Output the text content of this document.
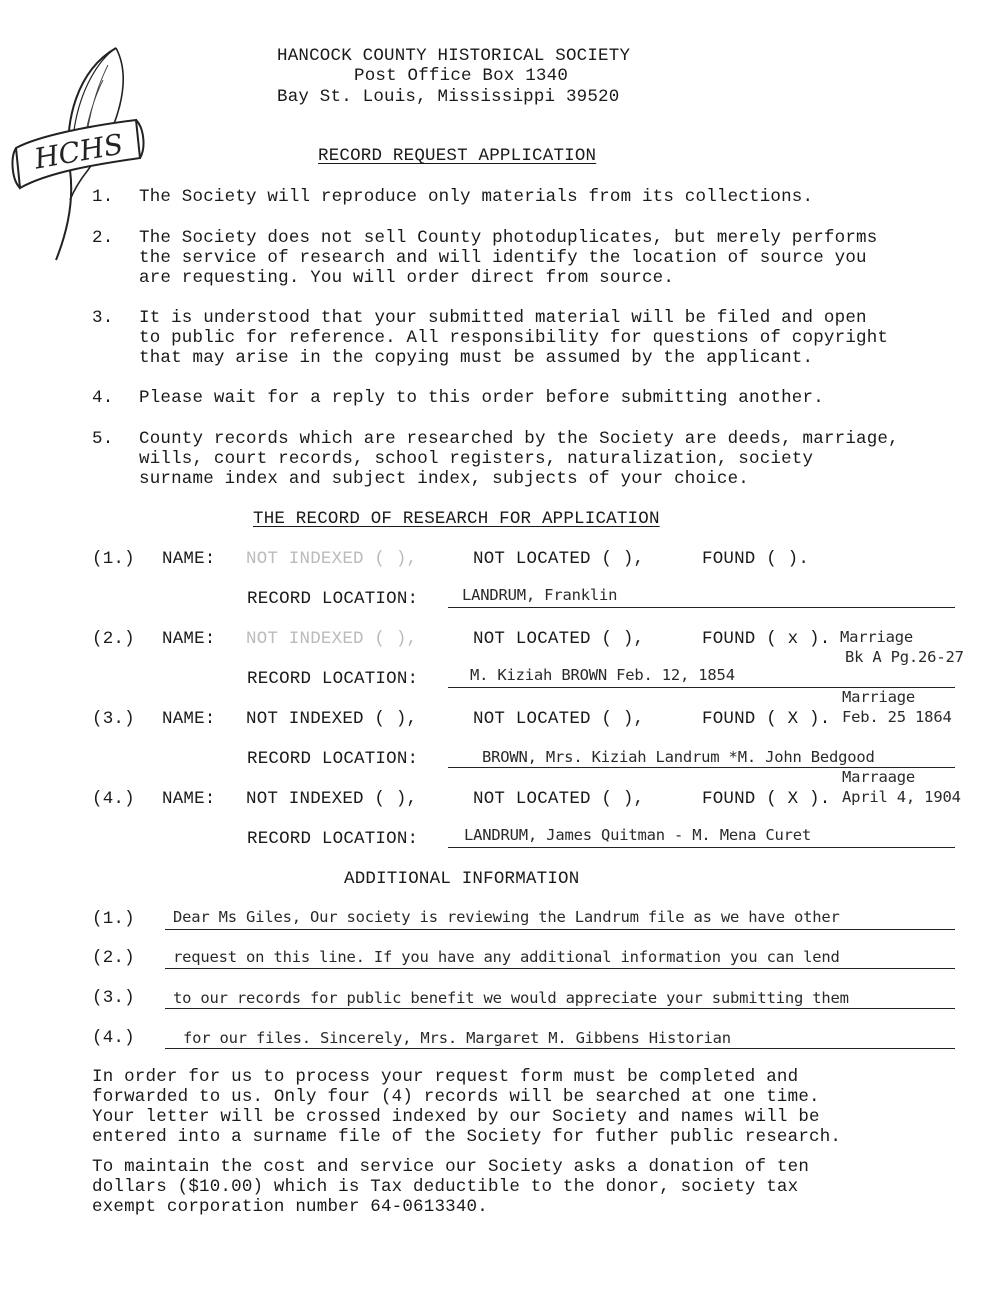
HCHS
HANCOCK COUNTY HISTORICAL SOCIETY
Post Office Box 1340
Bay St. Louis, Mississippi 39520
RECORD REQUEST APPLICATION
1. The Society will reproduce only materials from its collections.
2. The Society does not sell County photoduplicates, but merely performs
the service of research and will identify the location of source you
are requesting. You will order direct from source.
3. It is understood that your submitted material will be filed and open
to public for reference. All responsibility for questions of copyright
that may arise in the copying must be assumed by the applicant.
4. Please wait for a reply to this order before submitting another.
5. County records which are researched by the Society are deeds, marriage,
wills, court records, school registers, naturalization, society
surname index and subject index, subjects of your choice.
THE RECORD OF RESEARCH FOR APPLICATION
(1.) NAME: NOT INDEXED ( ),	NOT LOCATED ( ),	FOUND ( ).
RECORD LOCATION:	LANDRUM, Franklin
(2.) NAME: NOT INDEXED ( ),	NOT LOCATED ( ),	FOUND ( x ). Marriage
Bk A Pg.26-27
RECORD LOCATION:	M. Kiziah BROWN Feb. 12, 1854
(3.) NAME: NOT INDEXED ( ),	NOT LOCATED ( ),	FOUND ( X ).
Marriage
Feb. 25 1864
RECORD LOCATION:	BROWN, Mrs. Kiziah Landrum *M. John Bedgood
(4.) NAME: NOT INDEXED ( ),	NOT LOCATED ( ),	FOUND ( X ).
Marraage
April 4, 1904
RECORD LOCATION:	LANDRUM, James Quitman - M. Mena Curet
ADDITIONAL INFORMATION
(1.) Dear Ms Giles, Our society is reviewing the Landrum file as we have other
(2.) request on this line. If you have any additional information you can lend
(3.) to our records for public benefit we would appreciate your submitting them
(4.)	for our files. Sincerely, Mrs. Margaret M. Gibbens Historian
In order for us to process your request form must be completed and
forwarded to us. Only four (4) records will be searched at one time.
Your letter will be crossed indexed by our Society and names will be
entered into a surname file of the Society for futher public research.
To maintain the cost and service our Society asks a donation of ten
dollars ($10.00) which is Tax deductible to the donor, society tax
exempt corporation number 64-0613340.
